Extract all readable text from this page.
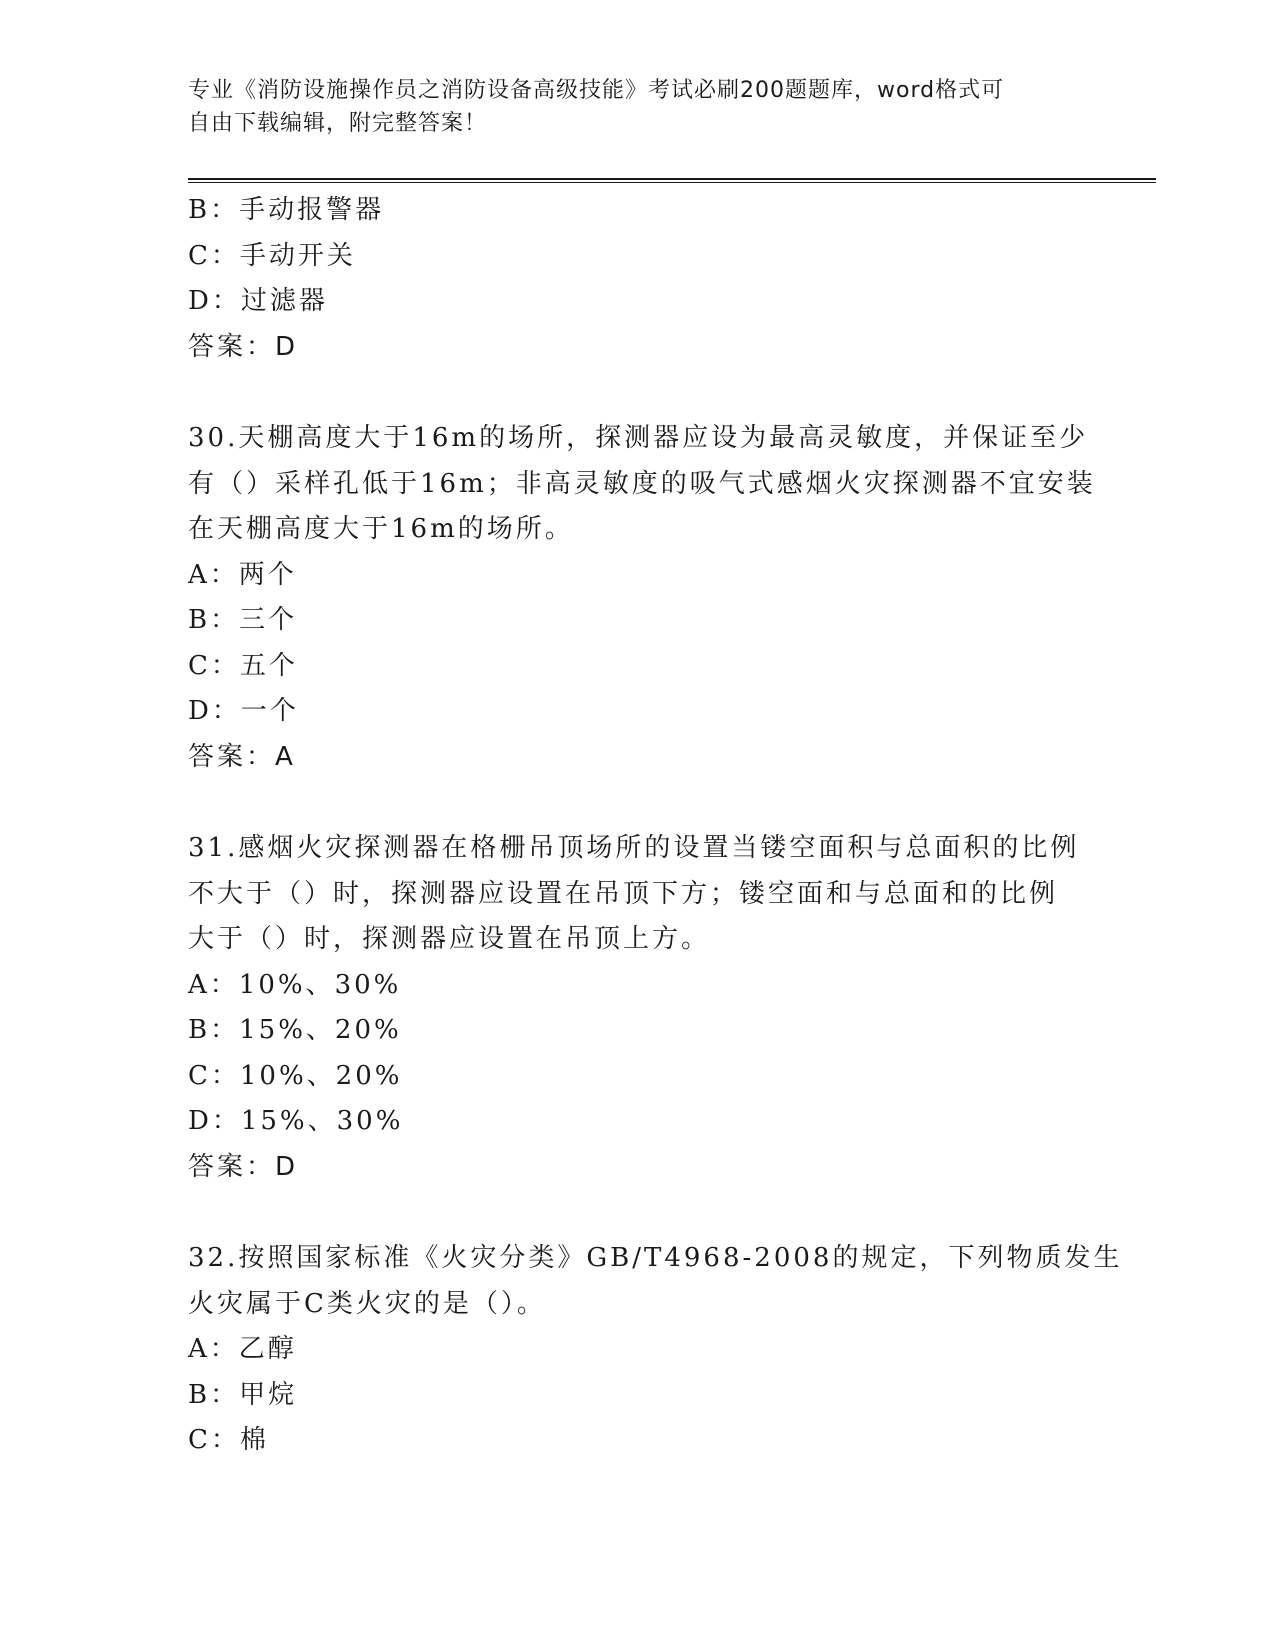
专业《消防设施操作员之消防设备高级技能》考试必刷200题题库，word格式可
自由下载编辑，附完整答案！
B：手动报警器
C：手动开关
D：过滤器
答案：D
30.天棚高度大于16m的场所，探测器应设为最高灵敏度，并保证至少
有（）采样孔低于16m；非高灵敏度的吸气式感烟火灾探测器不宜安装
在天棚高度大于16m的场所。
A：两个
B：三个
C：五个
D：一个
答案：A
31.感烟火灾探测器在格栅吊顶场所的设置当镂空面积与总面积的比例
不大于（）时，探测器应设置在吊顶下方；镂空面和与总面和的比例
大于（）时，探测器应设置在吊顶上方。
A：10%、30%
B：15%、20%
C：10%、20%
D：15%、30%
答案：D
32.按照国家标准《火灾分类》GB/T4968-2008的规定，下列物质发生
火灾属于C类火灾的是（）。
A：乙醇
B：甲烷
C：棉
